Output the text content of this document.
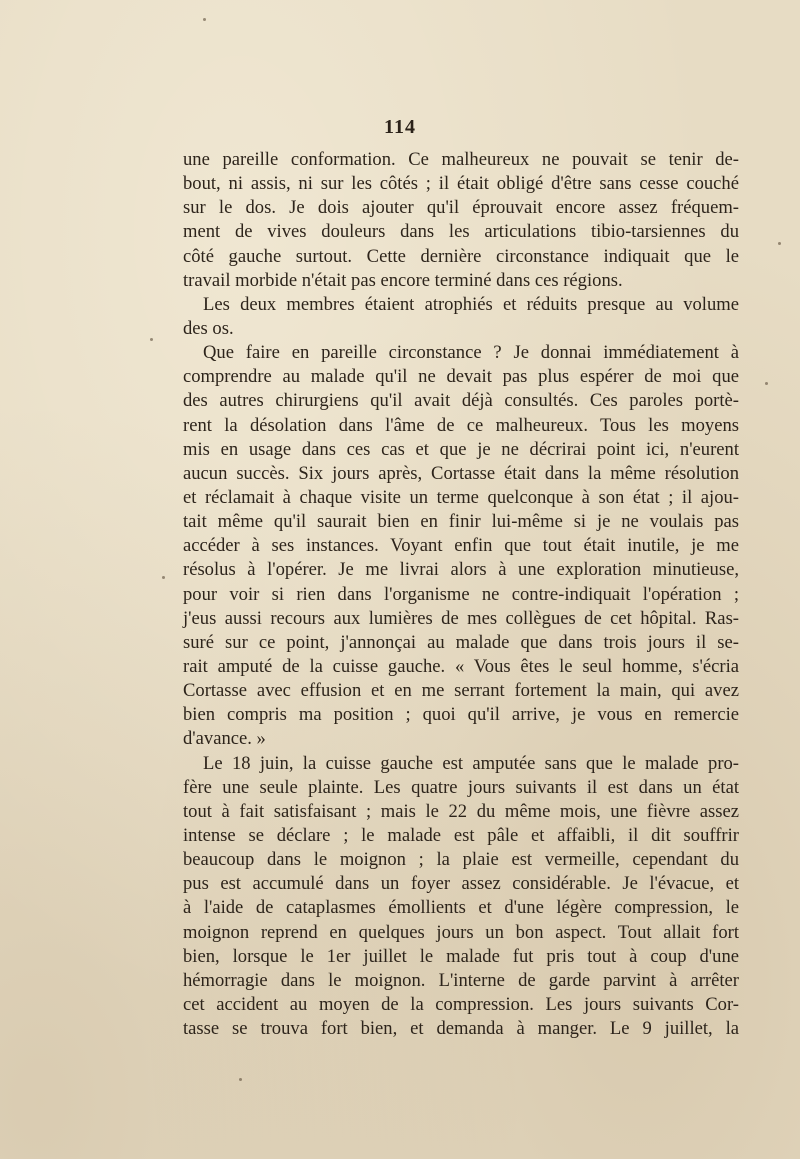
114
une pareille conformation. Ce malheureux ne pouvait se tenir de-
bout, ni assis, ni sur les côtés ; il était obligé d'être sans cesse couché
sur le dos. Je dois ajouter qu'il éprouvait encore assez fréquem-
ment de vives douleurs dans les articulations tibio-tarsiennes du
côté gauche surtout. Cette dernière circonstance indiquait que le
travail morbide n'était pas encore terminé dans ces régions.
Les deux membres étaient atrophiés et réduits presque au volume
des os.
Que faire en pareille circonstance ? Je donnai immédiatement à
comprendre au malade qu'il ne devait pas plus espérer de moi que
des autres chirurgiens qu'il avait déjà consultés. Ces paroles portè-
rent la désolation dans l'âme de ce malheureux. Tous les moyens
mis en usage dans ces cas et que je ne décrirai point ici, n'eurent
aucun succès. Six jours après, Cortasse était dans la même résolution
et réclamait à chaque visite un terme quelconque à son état ; il ajou-
tait même qu'il saurait bien en finir lui-même si je ne voulais pas
accéder à ses instances. Voyant enfin que tout était inutile, je me
résolus à l'opérer. Je me livrai alors à une exploration minutieuse,
pour voir si rien dans l'organisme ne contre-indiquait l'opération ;
j'eus aussi recours aux lumières de mes collègues de cet hôpital. Ras-
suré sur ce point, j'annonçai au malade que dans trois jours il se-
rait amputé de la cuisse gauche. « Vous êtes le seul homme, s'écria
Cortasse avec effusion et en me serrant fortement la main, qui avez
bien compris ma position ; quoi qu'il arrive, je vous en remercie
d'avance. »
Le 18 juin, la cuisse gauche est amputée sans que le malade pro-
fère une seule plainte. Les quatre jours suivants il est dans un état
tout à fait satisfaisant ; mais le 22 du même mois, une fièvre assez
intense se déclare ; le malade est pâle et affaibli, il dit souffrir
beaucoup dans le moignon ; la plaie est vermeille, cependant du
pus est accumulé dans un foyer assez considérable. Je l'évacue, et
à l'aide de cataplasmes émollients et d'une légère compression, le
moignon reprend en quelques jours un bon aspect. Tout allait fort
bien, lorsque le 1er juillet le malade fut pris tout à coup d'une
hémorragie dans le moignon. L'interne de garde parvint à arrêter
cet accident au moyen de la compression. Les jours suivants Cor-
tasse se trouva fort bien, et demanda à manger. Le 9 juillet, la
